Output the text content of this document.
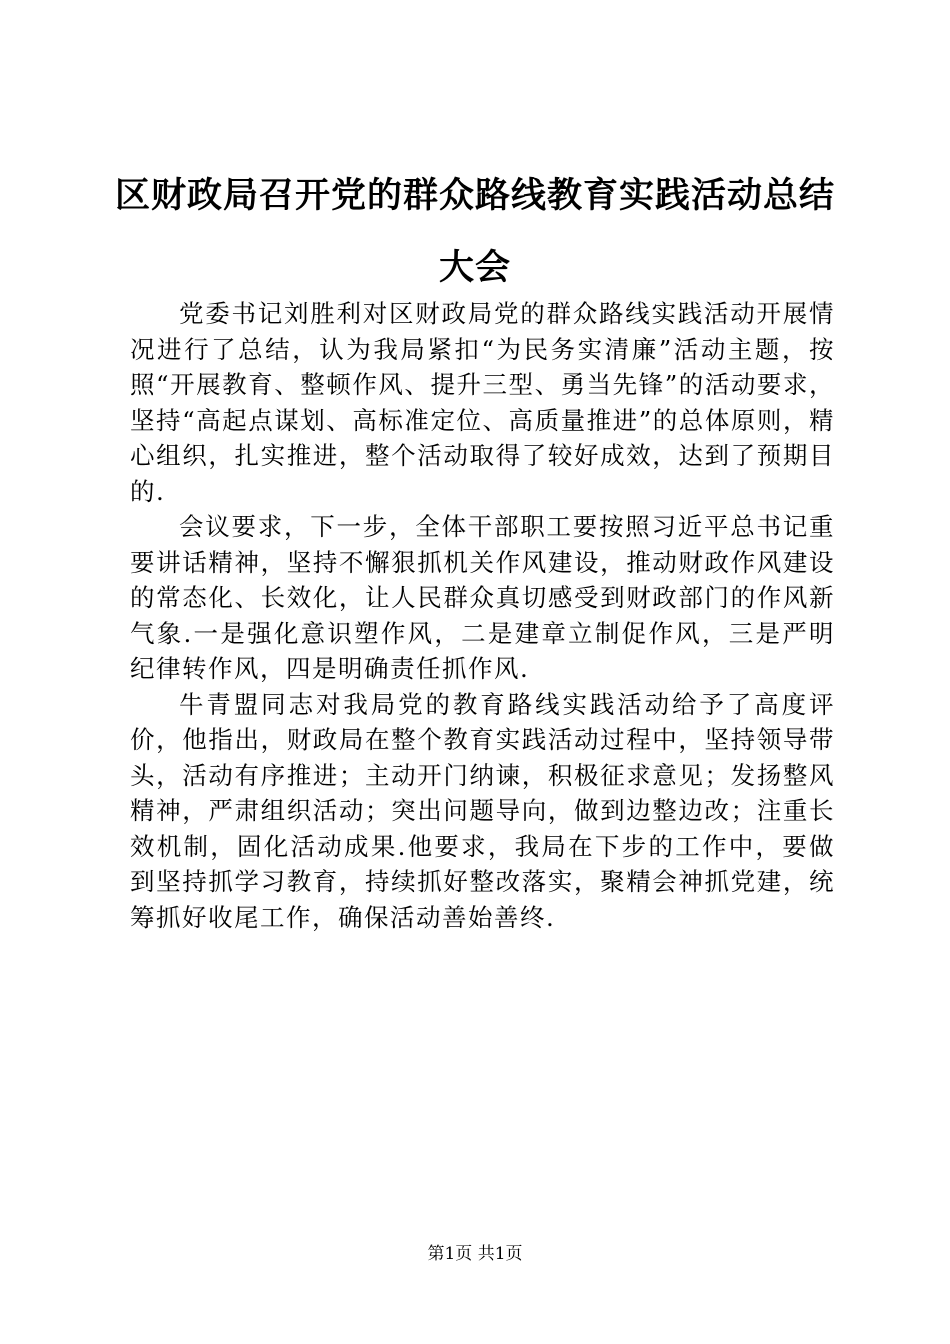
区财政局召开党的群众路线教育实践活动总结大会

党委书记刘胜利对区财政局党的群众路线实践活动开展情况进行了总结，认为我局紧扣“为民务实清廉”活动主题，按照“开展教育、整顿作风、提升三型、勇当先锋”的活动要求，坚持“高起点谋划、高标准定位、高质量推进”的总体原则，精心组织，扎实推进，整个活动取得了较好成效，达到了预期目的.

会议要求，下一步，全体干部职工要按照习近平总书记重要讲话精神，坚持不懈狠抓机关作风建设，推动财政作风建设的常态化、长效化，让人民群众真切感受到财政部门的作风新气象.一是强化意识塑作风，二是建章立制促作风，三是严明纪律转作风，四是明确责任抓作风.

牛青盟同志对我局党的教育路线实践活动给予了高度评价，他指出，财政局在整个教育实践活动过程中，坚持领导带头，活动有序推进；主动开门纳谏，积极征求意见；发扬整风精神，严肃组织活动；突出问题导向，做到边整边改；注重长效机制，固化活动成果.他要求，我局在下步的工作中，要做到坚持抓学习教育，持续抓好整改落实，聚精会神抓党建，统筹抓好收尾工作，确保活动善始善终.

第1页 共1页
